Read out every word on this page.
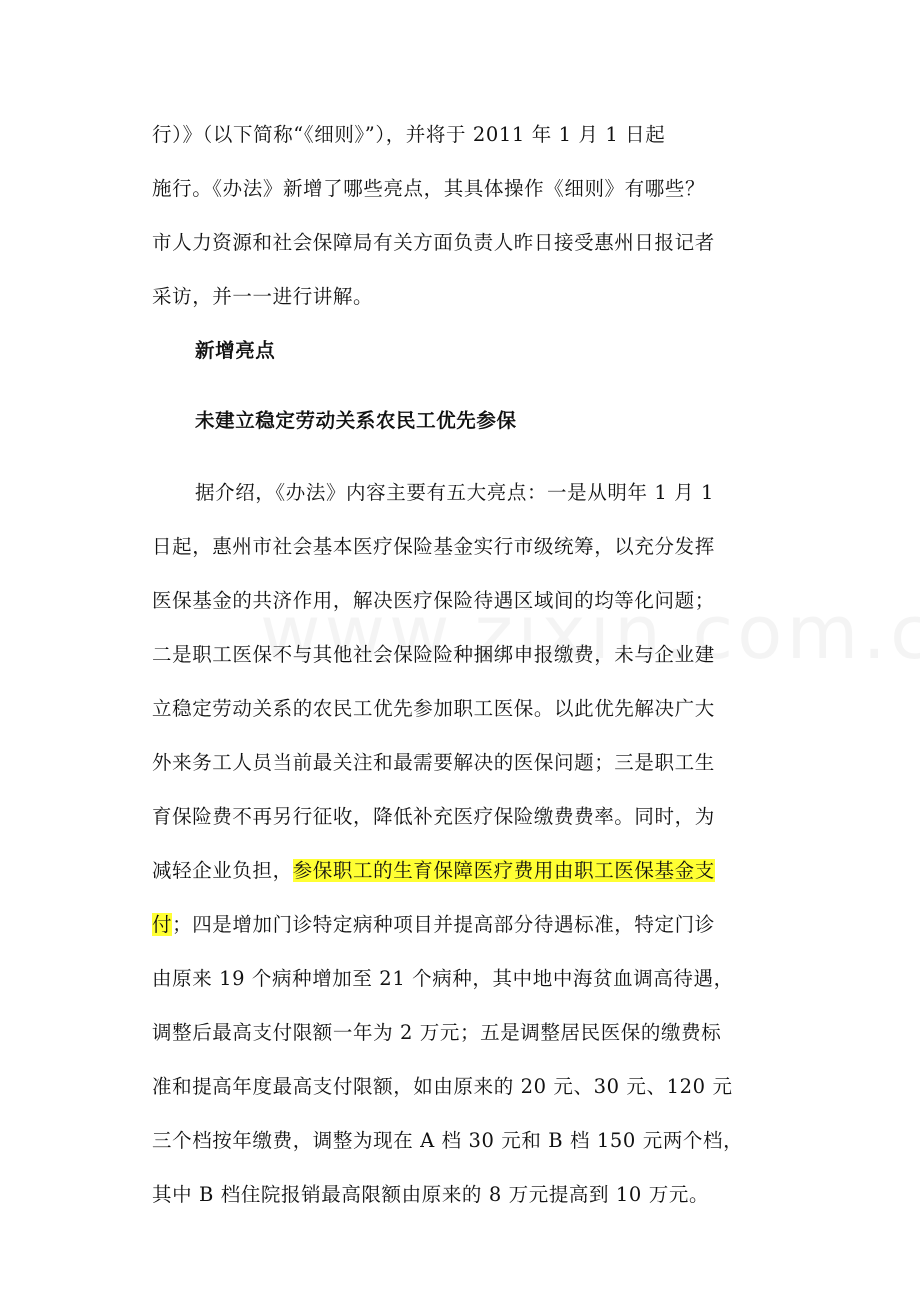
行）》（以下简称“《细则》”），并将于 2011 年 1 月 1 日起
施行。《办法》新增了哪些亮点，其具体操作《细则》有哪些？
市人力资源和社会保障局有关方面负责人昨日接受惠州日报记者
采访，并一一进行讲解。
新增亮点
未建立稳定劳动关系农民工优先参保
据介绍，《办法》内容主要有五大亮点：一是从明年 1 月 1
日起，惠州市社会基本医疗保险基金实行市级统筹，以充分发挥
医保基金的共济作用，解决医疗保险待遇区域间的均等化问题；
二是职工医保不与其他社会保险险种捆绑申报缴费，未与企业建
立稳定劳动关系的农民工优先参加职工医保。以此优先解决广大
外来务工人员当前最关注和最需要解决的医保问题；三是职工生
育保险费不再另行征收，降低补充医疗保险缴费费率。同时，为
减轻企业负担，参保职工的生育保障医疗费用由职工医保基金支
付；四是增加门诊特定病种项目并提高部分待遇标准，特定门诊
由原来 19 个病种增加至 21 个病种，其中地中海贫血调高待遇，
调整后最高支付限额一年为 2 万元；五是调整居民医保的缴费标
准和提高年度最高支付限额，如由原来的 20 元、30 元、120 元
三个档按年缴费，调整为现在 A 档 30 元和 B 档 150 元两个档，
其中 B 档住院报销最高限额由原来的 8 万元提高到 10 万元。
